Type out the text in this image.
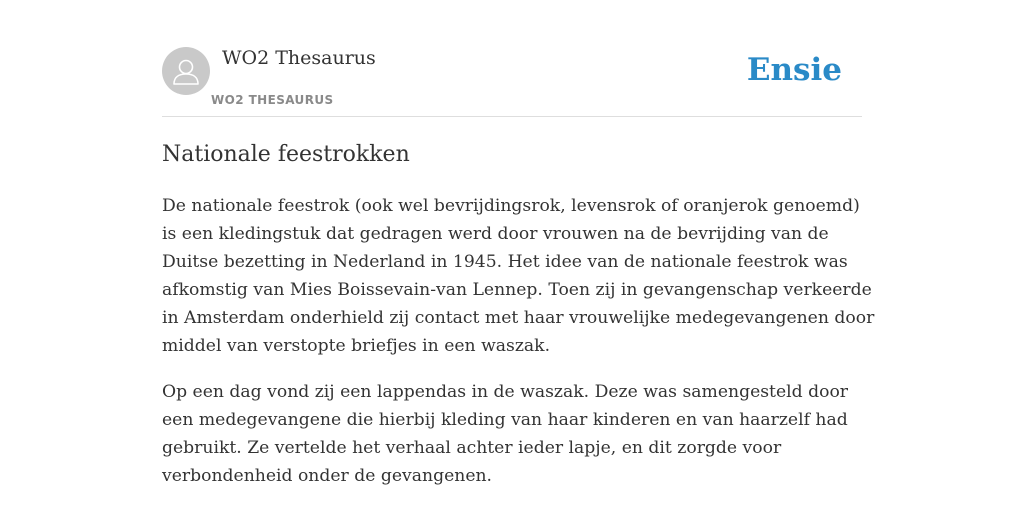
WO2 Thesaurus
WO2 THESAURUS
Ensie
Nationale feestrokken

De nationale feestrok (ook wel bevrijdingsrok, levensrok of oranjerok genoemd)
is een kledingstuk dat gedragen werd door vrouwen na de bevrijding van de
Duitse bezetting in Nederland in 1945. Het idee van de nationale feestrok was
afkomstig van Mies Boissevain-van Lennep. Toen zij in gevangenschap verkeerde
in Amsterdam onderhield zij contact met haar vrouwelijke medegevangenen door
middel van verstopte briefjes in een waszak.

Op een dag vond zij een lappendas in de waszak. Deze was samengesteld door
een medegevangene die hierbij kleding van haar kinderen en van haarzelf had
gebruikt. Ze vertelde het verhaal achter ieder lapje, en dit zorgde voor
verbondenheid onder de gevangenen.
